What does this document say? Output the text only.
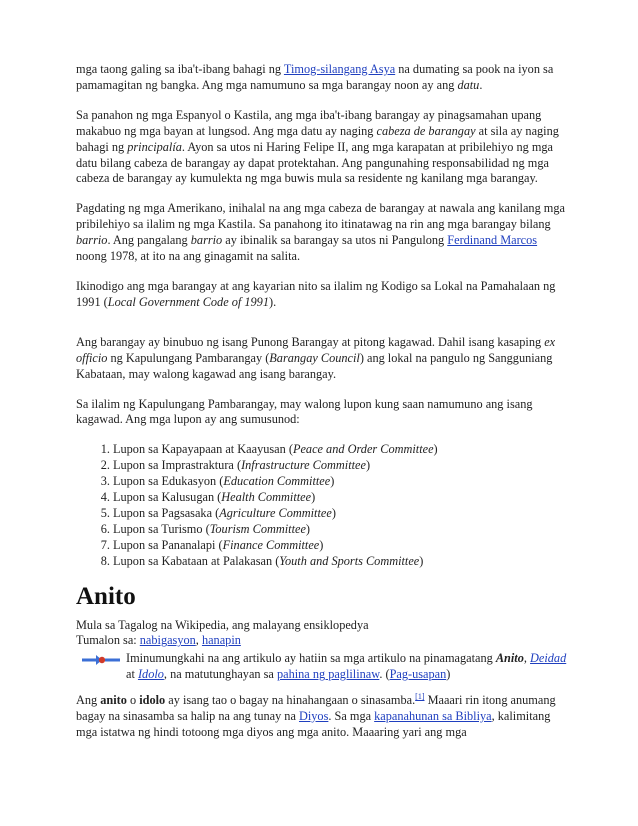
mga taong galing sa iba't-ibang bahagi ng Timog-silangang Asya na dumating sa pook na iyon sa pamamagitan ng bangka. Ang mga namumuno sa mga barangay noon ay ang datu.

Sa panahon ng mga Espanyol o Kastila, ang mga iba't-ibang barangay ay pinagsamahan upang makabuo ng mga bayan at lungsod. Ang mga datu ay naging cabeza de barangay at sila ay naging bahagi ng principalía. Ayon sa utos ni Haring Felipe II, ang mga karapatan at pribilehiyo ng mga datu bilang cabeza de barangay ay dapat protektahan. Ang pangunahing responsabilidad ng mga cabeza de barangay ay kumulekta ng mga buwis mula sa residente ng kanilang mga barangay.

Pagdating ng mga Amerikano, inihalal na ang mga cabeza de barangay at nawala ang kanilang mga pribilehiyo sa ilalim ng mga Kastila. Sa panahong ito itinatawag na rin ang mga barangay bilang barrio. Ang pangalang barrio ay ibinalik sa barangay sa utos ni Pangulong Ferdinand Marcos noong 1978, at ito na ang ginagamit na salita.

Ikinodigo ang mga barangay at ang kayarian nito sa ilalim ng Kodigo sa Lokal na Pamahalaan ng 1991 (Local Government Code of 1991).

Ang barangay ay binubuo ng isang Punong Barangay at pitong kagawad. Dahil isang kasaping ex officio ng Kapulungang Pambarangay (Barangay Council) ang lokal na pangulo ng Sangguniang Kabataan, may walong kagawad ang isang barangay.

Sa ilalim ng Kapulungang Pambarangay, may walong lupon kung saan namumuno ang isang kagawad. Ang mga lupon ay ang sumusunod:

1. Lupon sa Kapayapaan at Kaayusan (Peace and Order Committee)
2. Lupon sa Imprastraktura (Infrastructure Committee)
3. Lupon sa Edukasyon (Education Committee)
4. Lupon sa Kalusugan (Health Committee)
5. Lupon sa Pagsasaka (Agriculture Committee)
6. Lupon sa Turismo (Tourism Committee)
7. Lupon sa Pananalapi (Finance Committee)
8. Lupon sa Kabataan at Palakasan (Youth and Sports Committee)
Anito
Mula sa Tagalog na Wikipedia, ang malayang ensiklopedya
Tumalon sa: nabigasyon, hanapin
Iminumungkahi na ang artikulo ay hatiin sa mga artikulo na pinamagatang Anito, Deidad at Idolo, na matutunghayan sa pahina ng paglilinaw. (Pag-usapan)

Ang anito o idolo ay isang tao o bagay na hinahangaan o sinasamba.[1] Maaari rin itong anumang bagay na sinasamba sa halip na ang tunay na Diyos. Sa mga kapanahunan sa Bibliya, kalimitang mga istatwa ng hindi totoong mga diyos ang mga anito. Maaaring yari ang mga
